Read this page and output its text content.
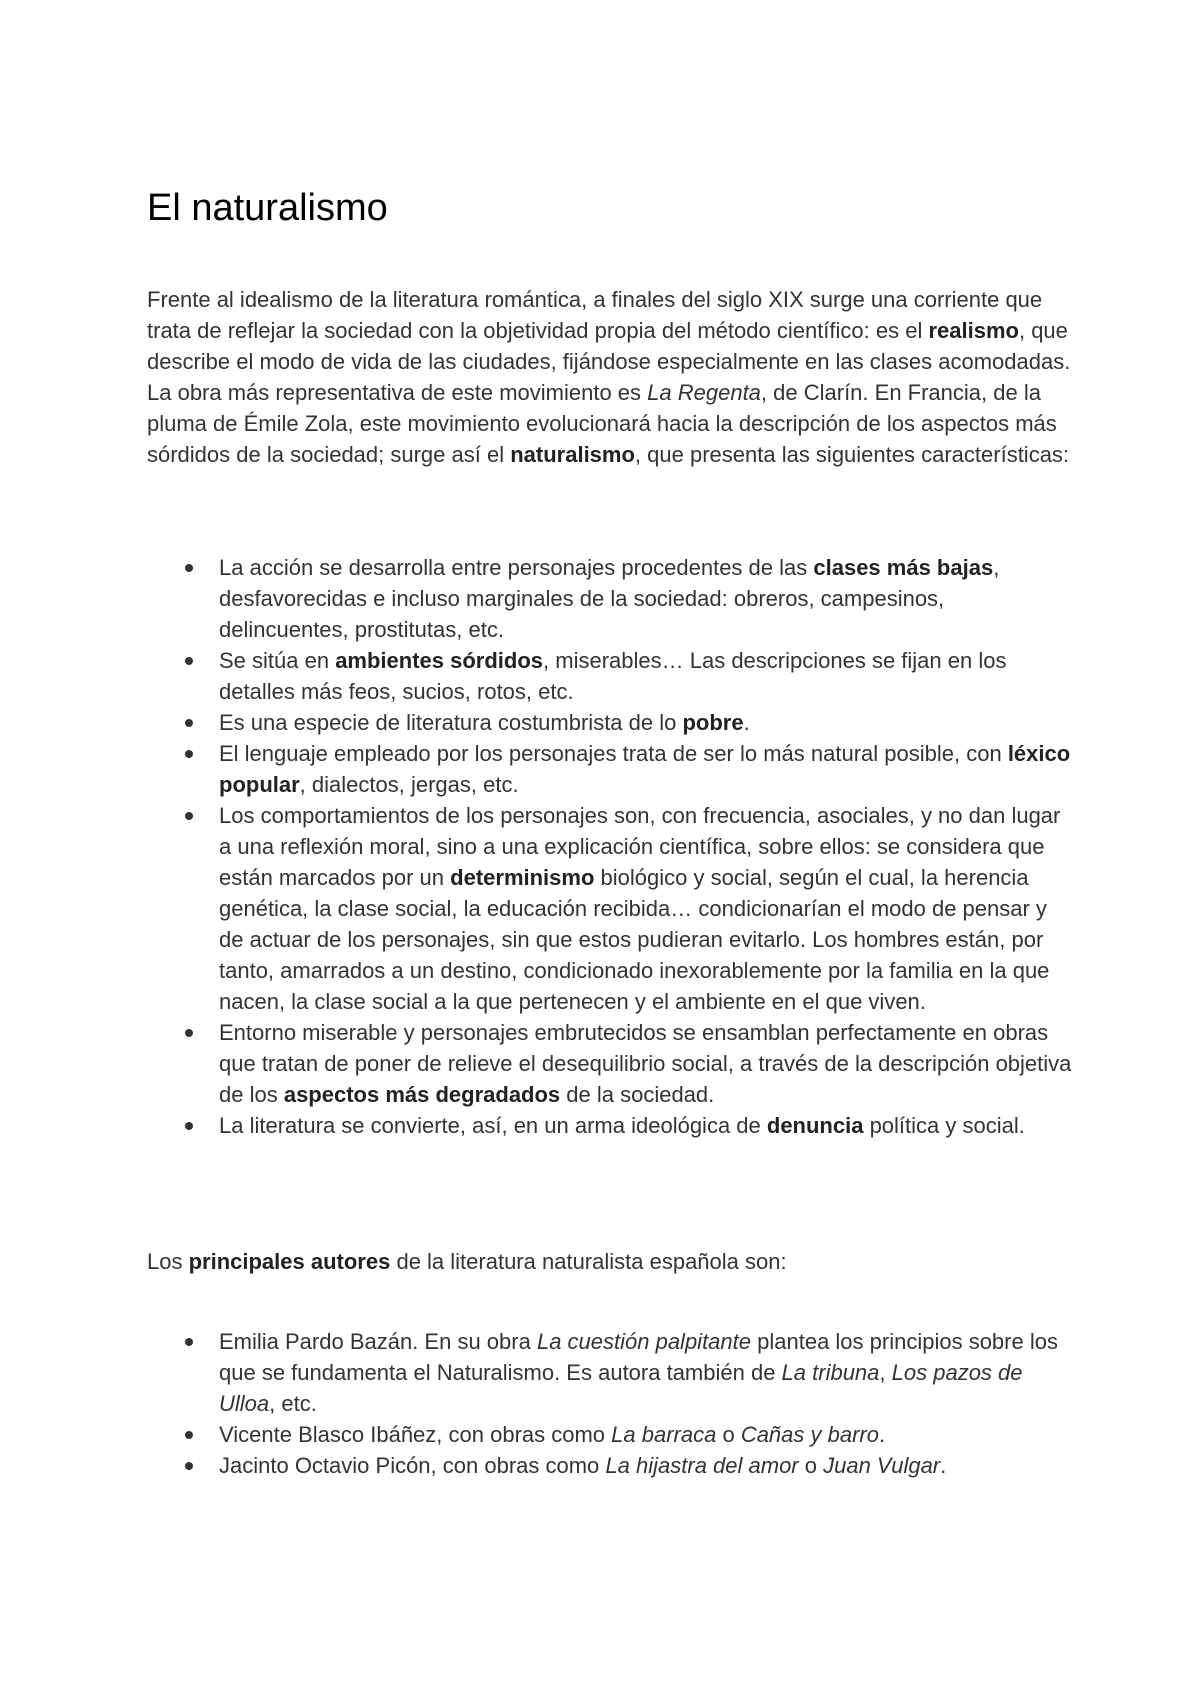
El naturalismo

Frente al idealismo de la literatura romántica, a finales del siglo XIX surge una corriente que trata de reflejar la sociedad con la objetividad propia del método científico: es el realismo, que describe el modo de vida de las ciudades, fijándose especialmente en las clases acomodadas. La obra más representativa de este movimiento es La Regenta, de Clarín. En Francia, de la pluma de Émile Zola, este movimiento evolucionará hacia la descripción de los aspectos más sórdidos de la sociedad; surge así el naturalismo, que presenta las siguientes características:

La acción se desarrolla entre personajes procedentes de las clases más bajas, desfavorecidas e incluso marginales de la sociedad: obreros, campesinos, delincuentes, prostitutas, etc.
Se sitúa en ambientes sórdidos, miserables… Las descripciones se fijan en los detalles más feos, sucios, rotos, etc.
Es una especie de literatura costumbrista de lo pobre.
El lenguaje empleado por los personajes trata de ser lo más natural posible, con léxico popular, dialectos, jergas, etc.
Los comportamientos de los personajes son, con frecuencia, asociales, y no dan lugar a una reflexión moral, sino a una explicación científica, sobre ellos: se considera que están marcados por un determinismo biológico y social, según el cual, la herencia genética, la clase social, la educación recibida… condicionarían el modo de pensar y de actuar de los personajes, sin que estos pudieran evitarlo. Los hombres están, por tanto, amarrados a un destino, condicionado inexorablemente por la familia en la que nacen, la clase social a la que pertenecen y el ambiente en el que viven.
Entorno miserable y personajes embrutecidos se ensamblan perfectamente en obras que tratan de poner de relieve el desequilibrio social, a través de la descripción objetiva de los aspectos más degradados de la sociedad.
La literatura se convierte, así, en un arma ideológica de denuncia política y social.

Los principales autores de la literatura naturalista española son:

Emilia Pardo Bazán. En su obra La cuestión palpitante plantea los principios sobre los que se fundamenta el Naturalismo. Es autora también de La tribuna, Los pazos de Ulloa, etc.
Vicente Blasco Ibáñez, con obras como La barraca o Cañas y barro.
Jacinto Octavio Picón, con obras como La hijastra del amor o Juan Vulgar.
